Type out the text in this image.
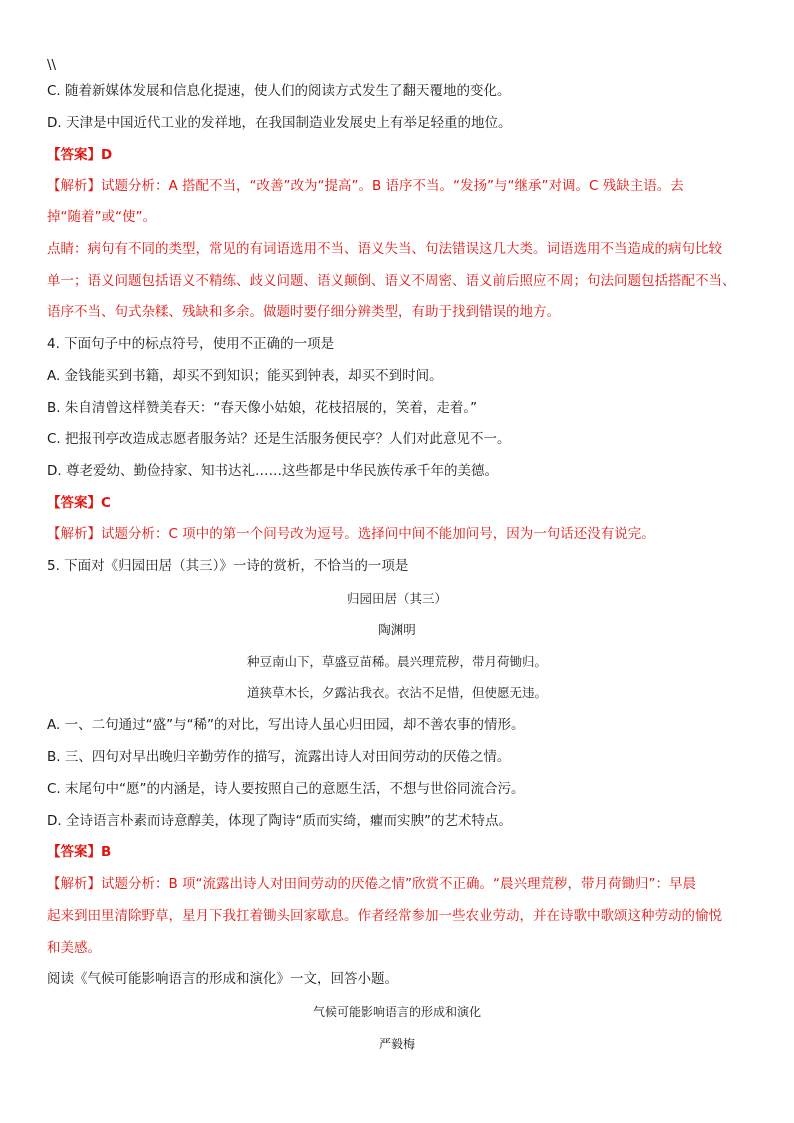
\\
C. 随着新媒体发展和信息化提速，使人们的阅读方式发生了翻天覆地的变化。
D. 天津是中国近代工业的发祥地，在我国制造业发展史上有举足轻重的地位。
【答案】D
【解析】试题分析：A 搭配不当，“改善”改为“提高”。B 语序不当。“发扬”与“继承”对调。C 残缺主语。去
掉“随着”或“使”。
点睛：病句有不同的类型，常见的有词语选用不当、语义失当、句法错误这几大类。词语选用不当造成的病句比较
单一；语义问题包括语义不精练、歧义问题、语义颠倒、语义不周密、语义前后照应不周；句法问题包括搭配不当、
语序不当、句式杂糅、残缺和多余。做题时要仔细分辨类型，有助于找到错误的地方。
4. 下面句子中的标点符号，使用不正确的一项是
A. 金钱能买到书籍，却买不到知识；能买到钟表，却买不到时间。
B. 朱自清曾这样赞美春天：“春天像小姑娘，花枝招展的，笑着，走着。”
C. 把报刊亭改造成志愿者服务站？还是生活服务便民亭？人们对此意见不一。
D. 尊老爱幼、勤俭持家、知书达礼……这些都是中华民族传承千年的美德。
【答案】C
【解析】试题分析：C 项中的第一个问号改为逗号。选择问中间不能加问号，因为一句话还没有说完。
5. 下面对《归园田居（其三）》一诗的赏析，不恰当的一项是
归园田居（其三）
陶渊明
种豆南山下，草盛豆苗稀。晨兴理荒秽，带月荷锄归。
道狭草木长，夕露沾我衣。衣沾不足惜，但使愿无违。
A. 一、二句通过“盛”与“稀”的对比，写出诗人虽心归田园，却不善农事的情形。
B. 三、四句对早出晚归辛勤劳作的描写，流露出诗人对田间劳动的厌倦之情。
C. 末尾句中“愿”的内涵是，诗人要按照自己的意愿生活，不想与世俗同流合污。
D. 全诗语言朴素而诗意醇美，体现了陶诗“质而实绮，癯而实腴”的艺术特点。
【答案】B
【解析】试题分析：B 项“流露出诗人对田间劳动的厌倦之情”欣赏不正确。“晨兴理荒秽，带月荷锄归”：早晨
起来到田里清除野草，星月下我扛着锄头回家歇息。作者经常参加一些农业劳动，并在诗歌中歌颂这种劳动的愉悦
和美感。
阅读《气候可能影响语言的形成和演化》一文，回答小题。
气候可能影响语言的形成和演化
严毅梅
